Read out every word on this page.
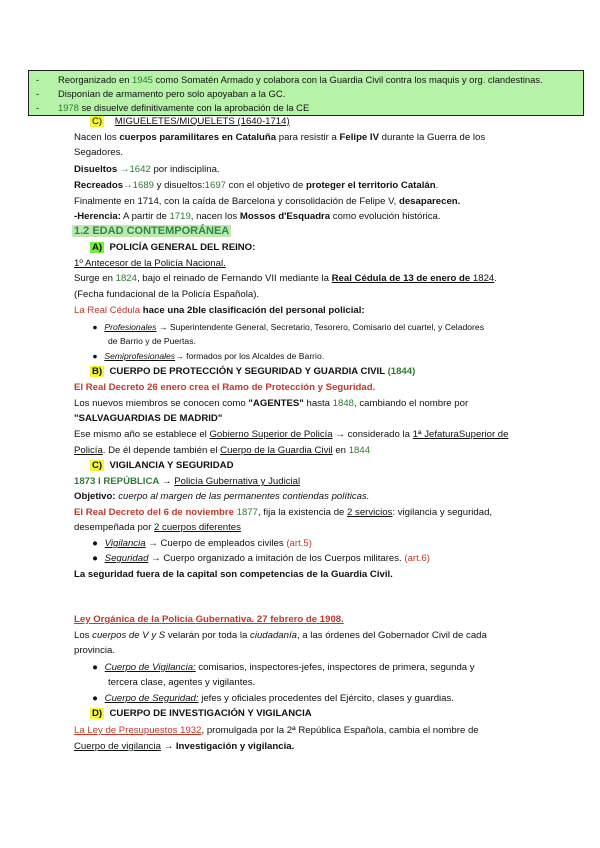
- Reorganizado en 1945 como Somatén Armado y colabora con la Guardia Civil contra los maquis y org. clandestinas.
- Disponían de armamento pero solo apoyaban a la GC.
- 1978 se disuelve definitivamente con la aprobación de la CE
C) MIGUELETES/MIQUELETS (1640-1714)
Nacen los cuerpos paramilitares en Cataluña para resistir a Felipe IV durante la Guerra de los
Segadores.
Disueltos →1642 por indisciplina.
Recreados→1689 y disueltos:1697 con el objetivo de proteger el territorio Catalán.
Finalmente en 1714, con la caída de Barcelona y consolidación de Felipe V, desaparecen.
-Herencia: A partir de 1719, nacen los Mossos d'Esquadra como evolución histórica.
1.2 EDAD CONTEMPORÁNEA
A) POLICÍA GENERAL DEL REINO:
1º Antecesor de la Policía Nacional.
Surge en 1824, bajo el reinado de Fernando VII mediante la Real Cédula de 13 de enero de 1824.
(Fecha fundacional de la Policía Española).
La Real Cédula hace una 2ble clasificación del personal policial:
● Profesionales → Superintendente General, Secretario, Tesorero, Comisario del cuartel, y Celadores
de Barrio y de Puertas.
● Semiprofesionales→ formados por los Alcaldes de Barrio.
B) CUERPO DE PROTECCIÓN Y SEGURIDAD Y GUARDIA CIVIL (1844)
El Real Decreto 26 enero crea el Ramo de Protección y Seguridad.
Los nuevos miembros se conocen como "AGENTES" hasta 1848, cambiando el nombre por
"SALVAGUARDIAS DE MADRID"
Ese mismo año se establece el Gobierno Superior de Policía → considerado la 1ª JefaturaSuperior de
Policía. De él depende también el Cuerpo de la Guardia Civil en 1844
C) VIGILANCIA Y SEGURIDAD
1873 I REPÚBLICA → Policía Gubernativa y Judicial
Objetivo: cuerpo al margen de las permanentes contiendas políticas.
El Real Decreto del 6 de noviembre 1877, fija la existencia de 2 servicios: vigilancia y seguridad,
desempeñada por 2 cuerpos diferentes
● Vigilancia → Cuerpo de empleados civiles (art.5)
● Seguridad → Cuerpo organizado a imitación de los Cuerpos militares. (art.6)
La seguridad fuera de la capital son competencias de la Guardia Civil.
Ley Orgánica de la Policía Gubernativa. 27 febrero de 1908.
Los cuerpos de V y S velarán por toda la ciudadanía, a las órdenes del Gobernador Civil de cada
provincia.
● Cuerpo de Vigilancia: comisarios, inspectores-jefes, inspectores de primera, segunda y
tercera clase, agentes y vigilantes.
● Cuerpo de Seguridad: jefes y oficiales procedentes del Ejército, clases y guardias.
D) CUERPO DE INVESTIGACIÓN Y VIGILANCIA
La Ley de Presupuestos 1932, promulgada por la 2ª República Española, cambia el nombre de
Cuerpo de vigilancia → Investigación y vigilancia.
